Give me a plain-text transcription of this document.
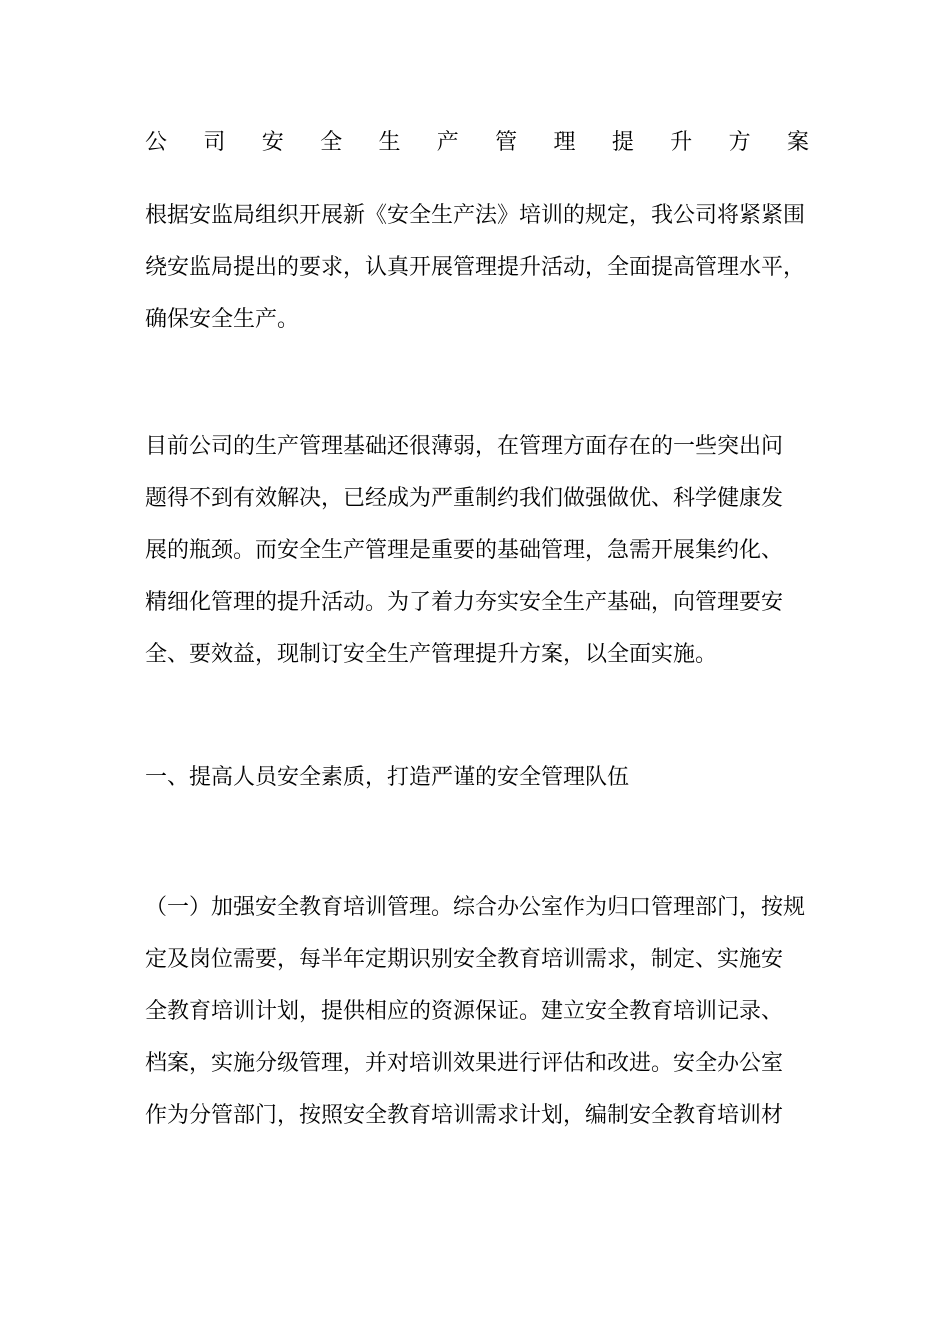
公 司 安 全 生 产 管 理 提 升 方 案

根据安监局组织开展新《安全生产法》培训的规定，我公司将紧紧围
绕安监局提出的要求，认真开展管理提升活动，全面提高管理水平，
确保安全生产。

目前公司的生产管理基础还很薄弱，在管理方面存在的一些突出问
题得不到有效解决，已经成为严重制约我们做强做优、科学健康发
展的瓶颈。而安全生产管理是重要的基础管理，急需开展集约化、
精细化管理的提升活动。为了着力夯实安全生产基础，向管理要安
全、要效益，现制订安全生产管理提升方案，以全面实施。

一、提高人员安全素质，打造严谨的安全管理队伍

（一）加强安全教育培训管理。综合办公室作为归口管理部门，按规
定及岗位需要，每半年定期识别安全教育培训需求，制定、实施安
全教育培训计划，提供相应的资源保证。建立安全教育培训记录、
档案，实施分级管理，并对培训效果进行评估和改进。安全办公室
作为分管部门，按照安全教育培训需求计划，编制安全教育培训材
